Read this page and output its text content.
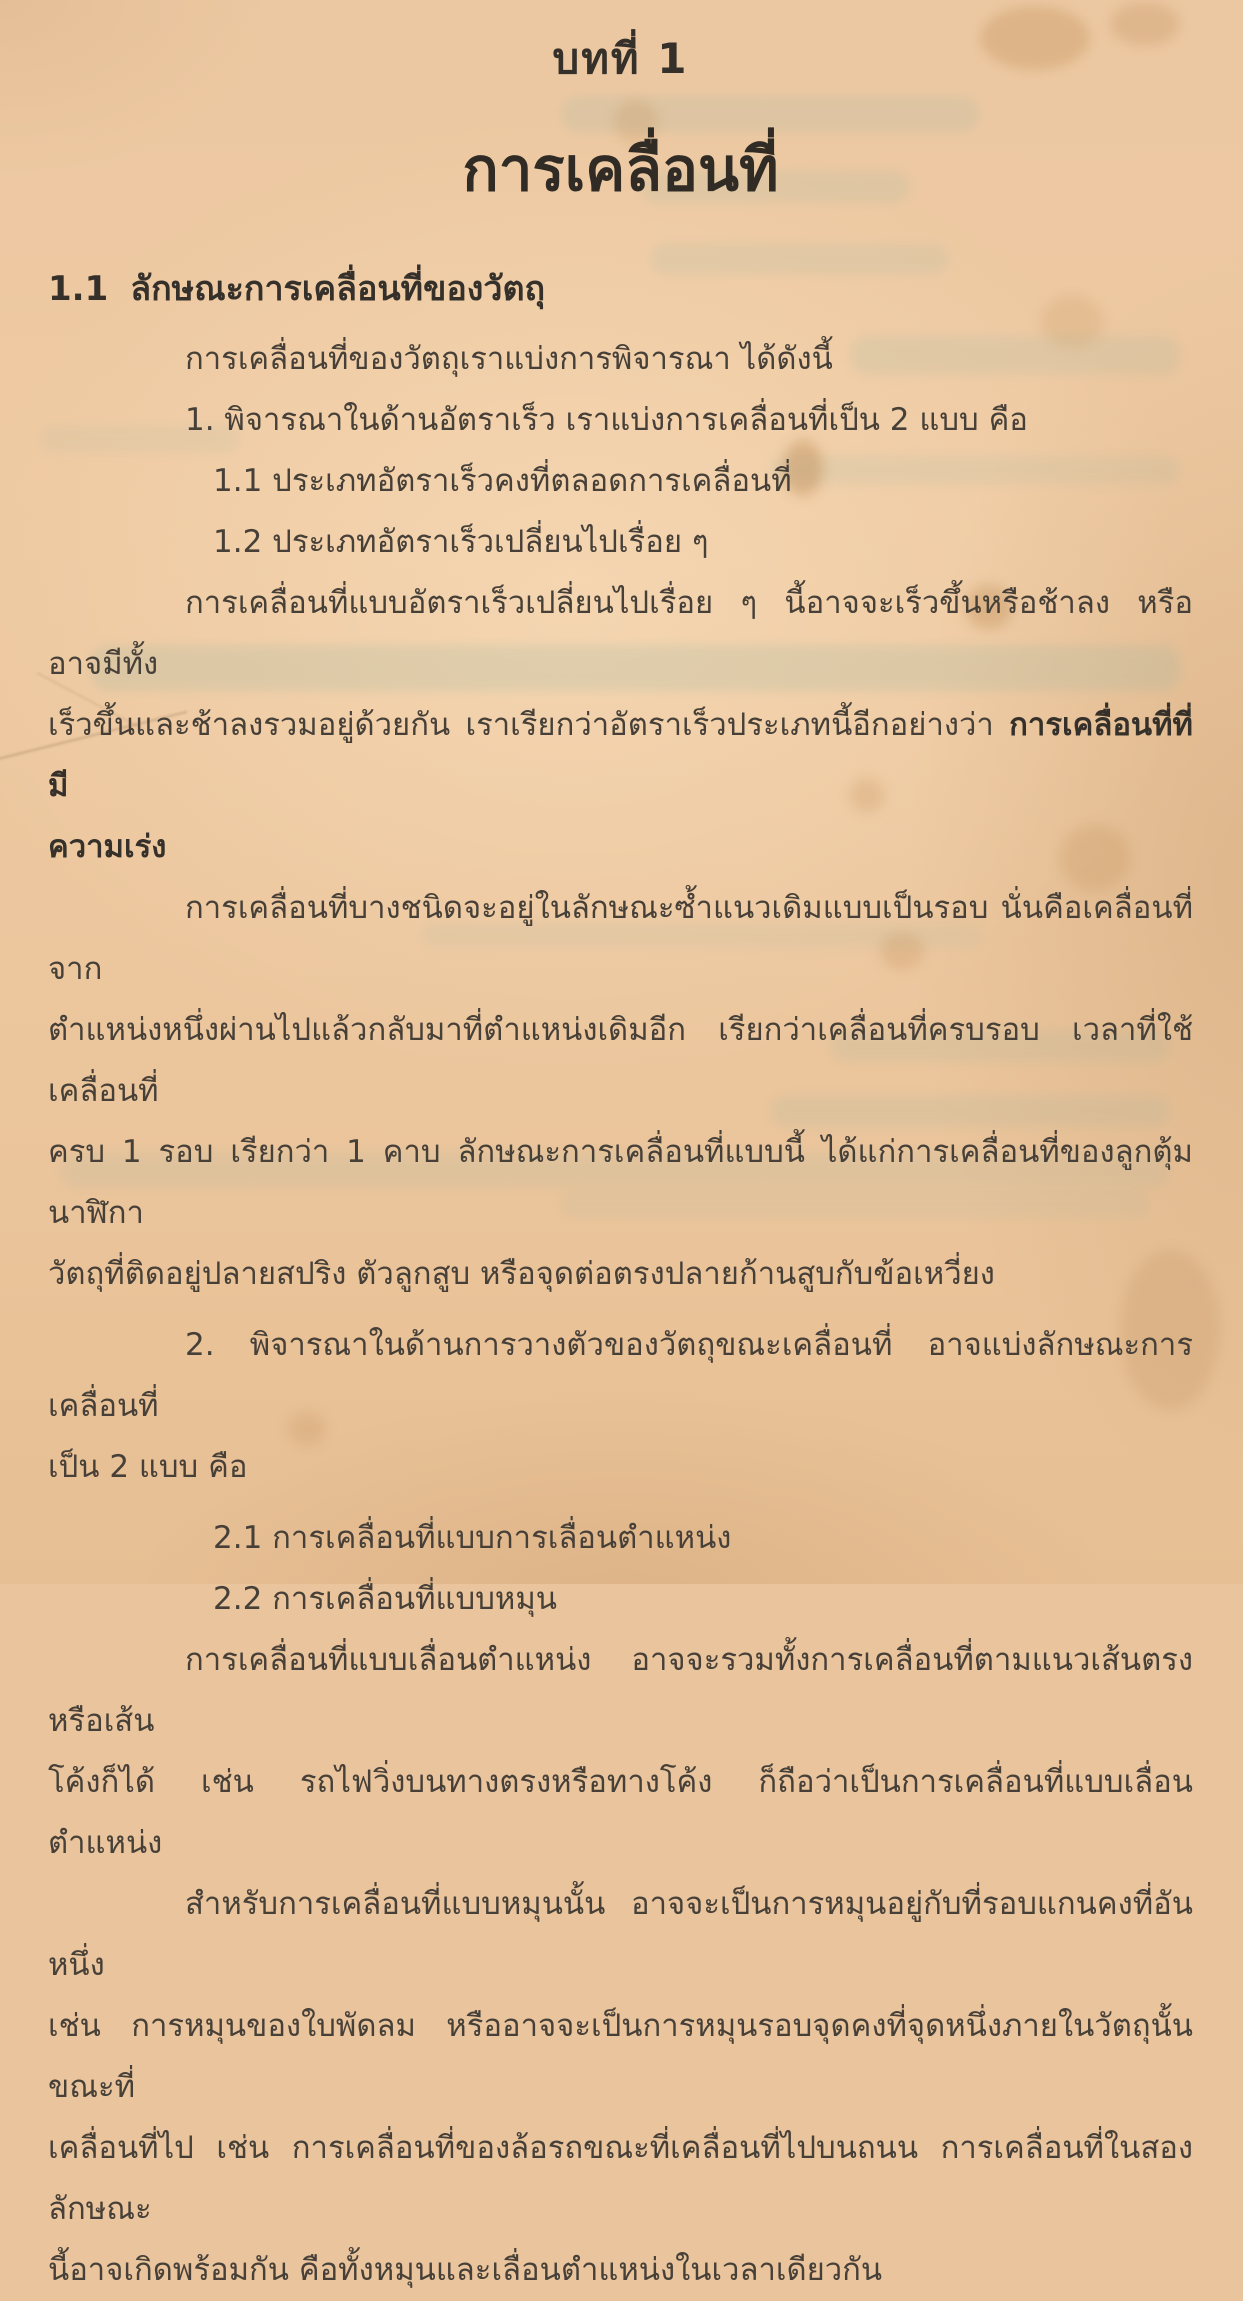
บทที่ 1
การเคลื่อนที่
1.1 ลักษณะการเคลื่อนที่ของวัตถุ
การเคลื่อนที่ของวัตถุเราแบ่งการพิจารณา ได้ดังนี้
1. พิจารณาในด้านอัตราเร็ว เราแบ่งการเคลื่อนที่เป็น 2 แบบ คือ
1.1 ประเภทอัตราเร็วคงที่ตลอดการเคลื่อนที่
1.2 ประเภทอัตราเร็วเปลี่ยนไปเรื่อย ๆ
การเคลื่อนที่แบบอัตราเร็วเปลี่ยนไปเรื่อย ๆ นี้อาจจะเร็วขึ้นหรือช้าลง หรืออาจมีทั้ง
เร็วขึ้นและช้าลงรวมอยู่ด้วยกัน เราเรียกว่าอัตราเร็วประเภทนี้อีกอย่างว่า การเคลื่อนที่ที่มี
ความเร่ง
การเคลื่อนที่บางชนิดจะอยู่ในลักษณะซ้ำแนวเดิมแบบเป็นรอบ นั่นคือเคลื่อนที่จาก
ตำแหน่งหนึ่งผ่านไปแล้วกลับมาที่ตำแหน่งเดิมอีก เรียกว่าเคลื่อนที่ครบรอบ เวลาที่ใช้เคลื่อนที่
ครบ 1 รอบ เรียกว่า 1 คาบ ลักษณะการเคลื่อนที่แบบนี้ ได้แก่การเคลื่อนที่ของลูกตุ้มนาฬิกา
วัตถุที่ติดอยู่ปลายสปริง ตัวลูกสูบ หรือจุดต่อตรงปลายก้านสูบกับข้อเหวี่ยง
2. พิจารณาในด้านการวางตัวของวัตถุขณะเคลื่อนที่ อาจแบ่งลักษณะการเคลื่อนที่
เป็น 2 แบบ คือ
2.1 การเคลื่อนที่แบบการเลื่อนตำแหน่ง
2.2 การเคลื่อนที่แบบหมุน
การเคลื่อนที่แบบเลื่อนตำแหน่ง อาจจะรวมทั้งการเคลื่อนที่ตามแนวเส้นตรงหรือเส้น
โค้งก็ได้ เช่น รถไฟวิ่งบนทางตรงหรือทางโค้ง ก็ถือว่าเป็นการเคลื่อนที่แบบเลื่อนตำแหน่ง
สำหรับการเคลื่อนที่แบบหมุนนั้น อาจจะเป็นการหมุนอยู่กับที่รอบแกนคงที่อันหนึ่ง
เช่น การหมุนของใบพัดลม หรืออาจจะเป็นการหมุนรอบจุดคงที่จุดหนึ่งภายในวัตถุนั้นขณะที่
เคลื่อนที่ไป เช่น การเคลื่อนที่ของล้อรถขณะที่เคลื่อนที่ไปบนถนน การเคลื่อนที่ในสองลักษณะ
นี้อาจเกิดพร้อมกัน คือทั้งหมุนและเลื่อนตำแหน่งในเวลาเดียวกัน
